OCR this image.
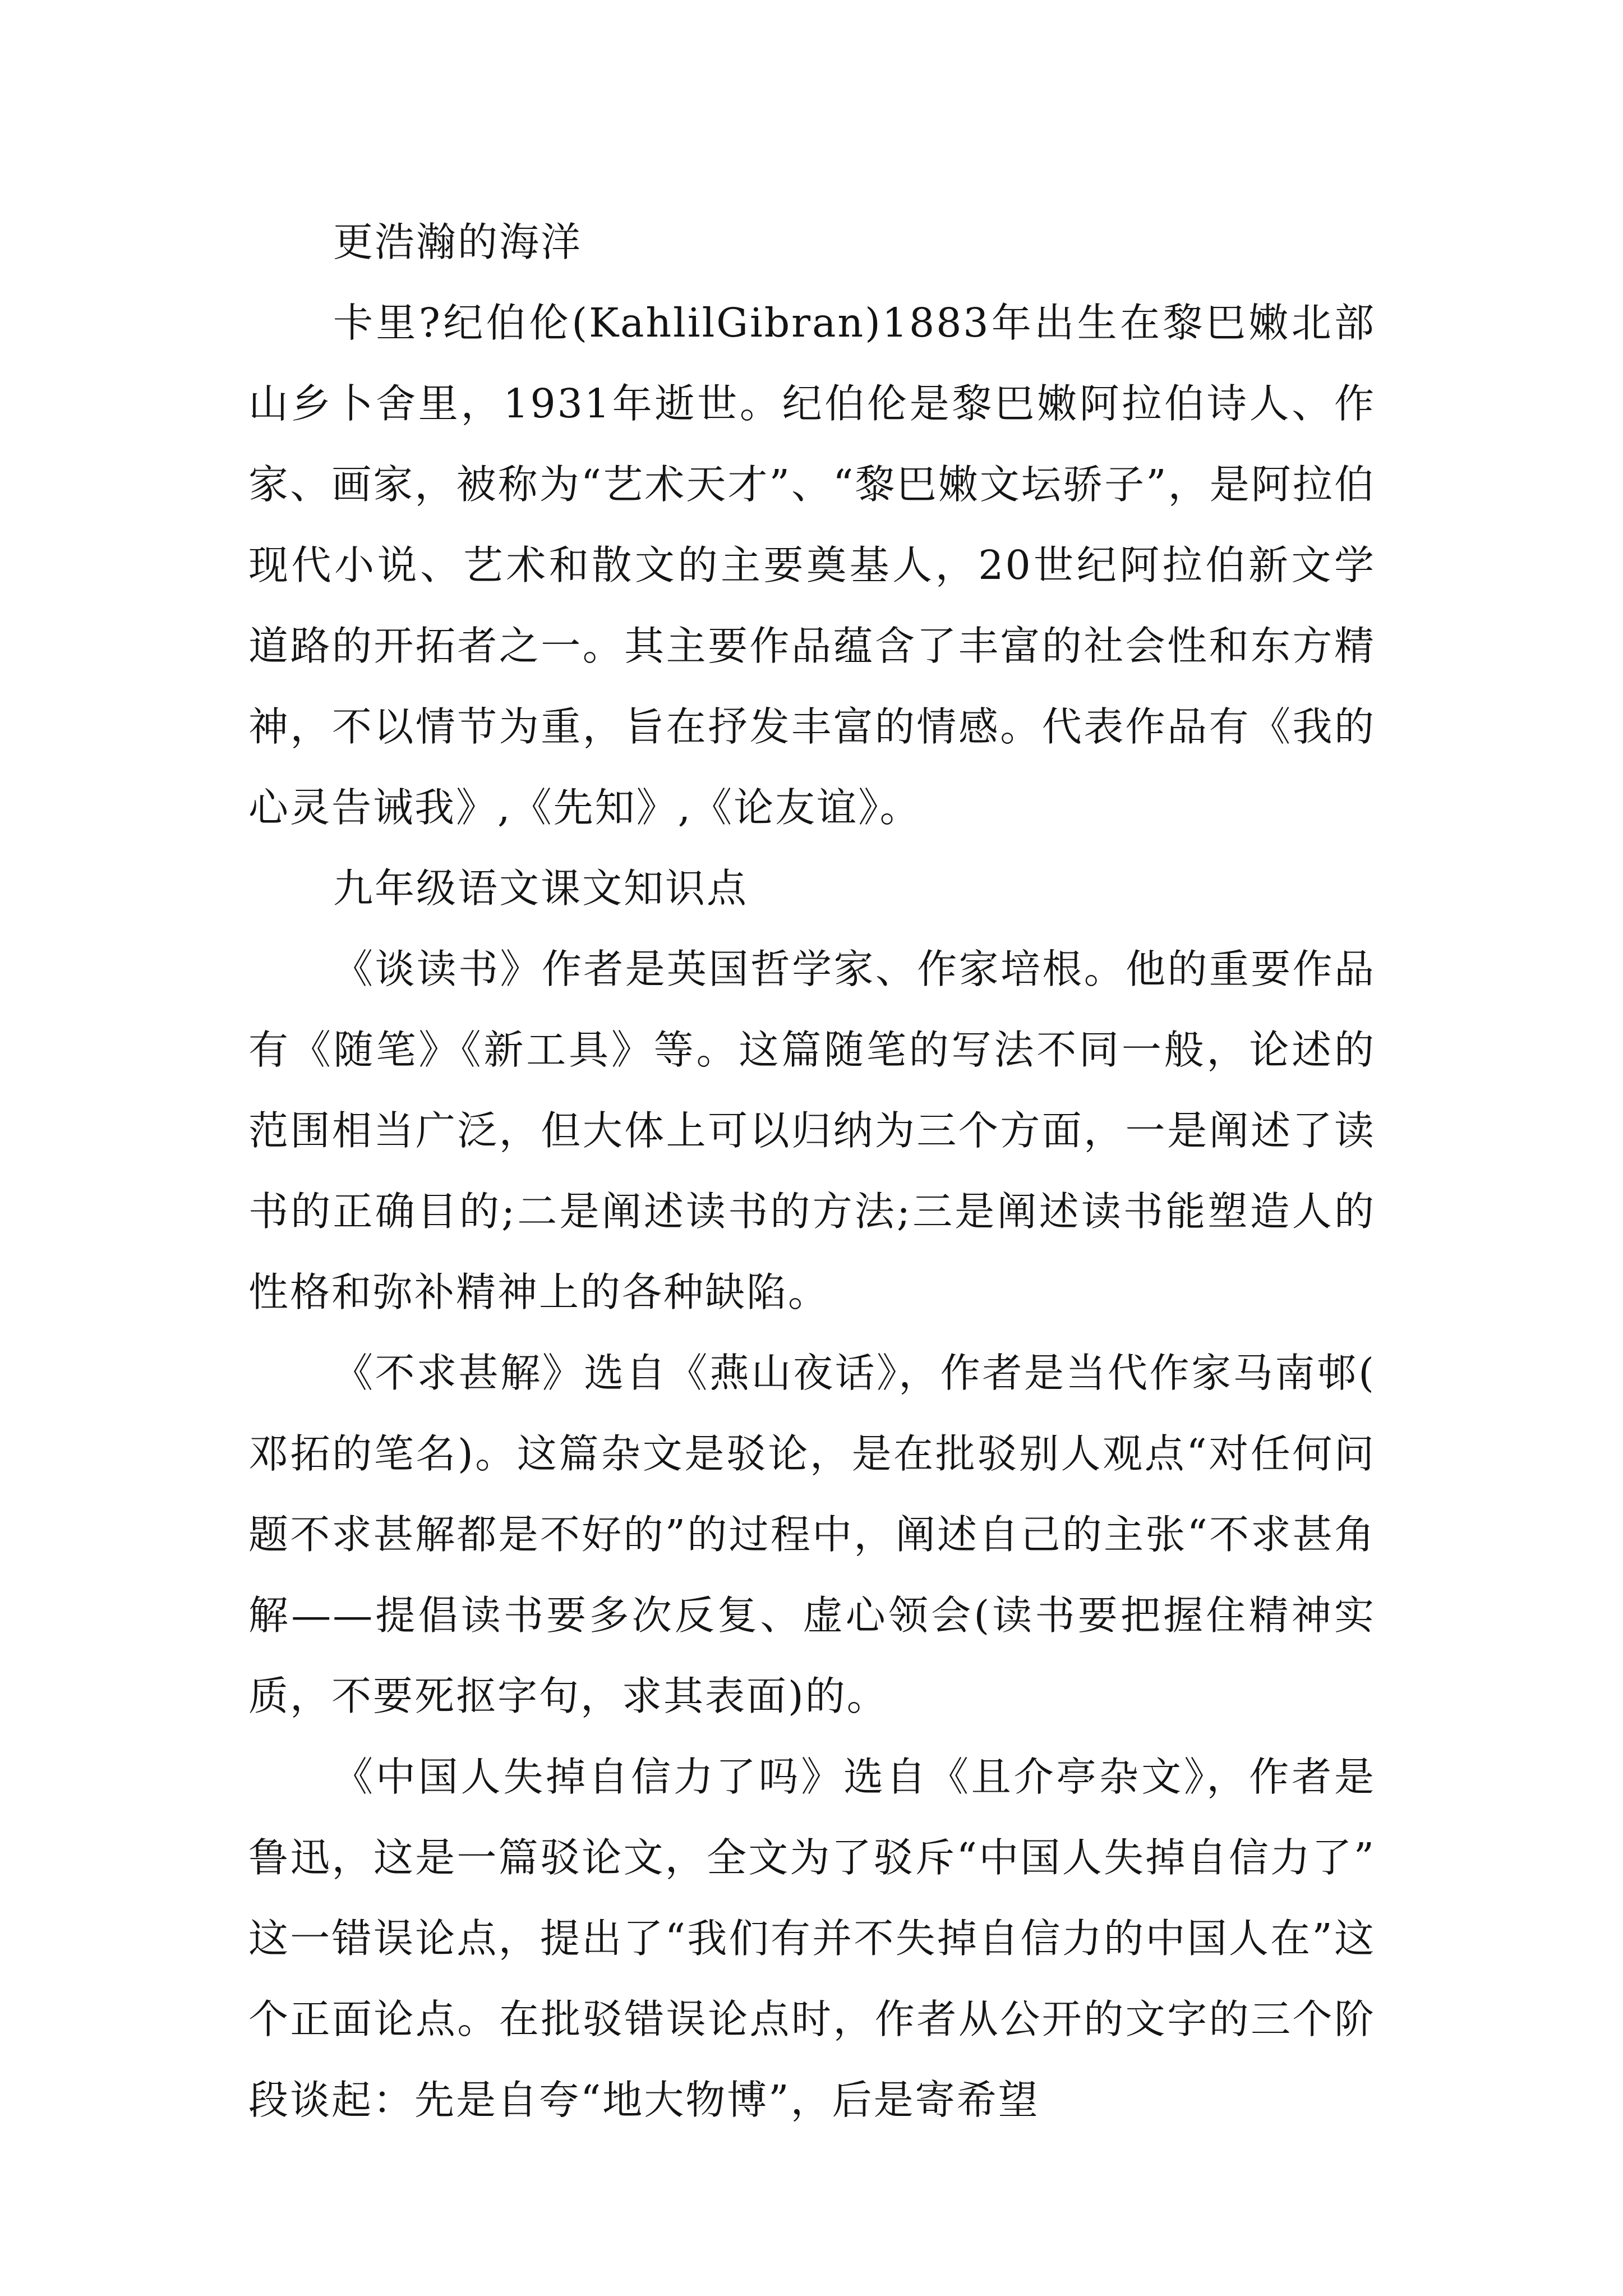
更浩瀚的海洋

卡里?纪伯伦(KahlilGibran)1883年出生在黎巴嫩北部山乡卜舍里，1931年逝世。纪伯伦是黎巴嫩阿拉伯诗人、作家、画家，被称为“艺术天才”、“黎巴嫩文坛骄子”，是阿拉伯现代小说、艺术和散文的主要奠基人，20世纪阿拉伯新文学道路的开拓者之一。其主要作品蕴含了丰富的社会性和东方精神，不以情节为重，旨在抒发丰富的情感。代表作品有《我的心灵告诫我》,《先知》,《论友谊》。

九年级语文课文知识点

《谈读书》作者是英国哲学家、作家培根。他的重要作品有《随笔》《新工具》等。这篇随笔的写法不同一般，论述的范围相当广泛，但大体上可以归纳为三个方面，一是阐述了读书的正确目的;二是阐述读书的方法;三是阐述读书能塑造人的性格和弥补精神上的各种缺陷。

《不求甚解》选自《燕山夜话》，作者是当代作家马南邨(邓拓的笔名)。这篇杂文是驳论，是在批驳别人观点“对任何问题不求甚解都是不好的”的过程中，阐述自己的主张“不求甚角解——提倡读书要多次反复、虚心领会(读书要把握住精神实质，不要死抠字句，求其表面)的。

《中国人失掉自信力了吗》选自《且介亭杂文》，作者是鲁迅，这是一篇驳论文，全文为了驳斥“中国人失掉自信力了”这一错误论点，提出了“我们有并不失掉自信力的中国人在”这个正面论点。在批驳错误论点时，作者从公开的文字的三个阶段谈起：先是自夸“地大物博”，后是寄希望
